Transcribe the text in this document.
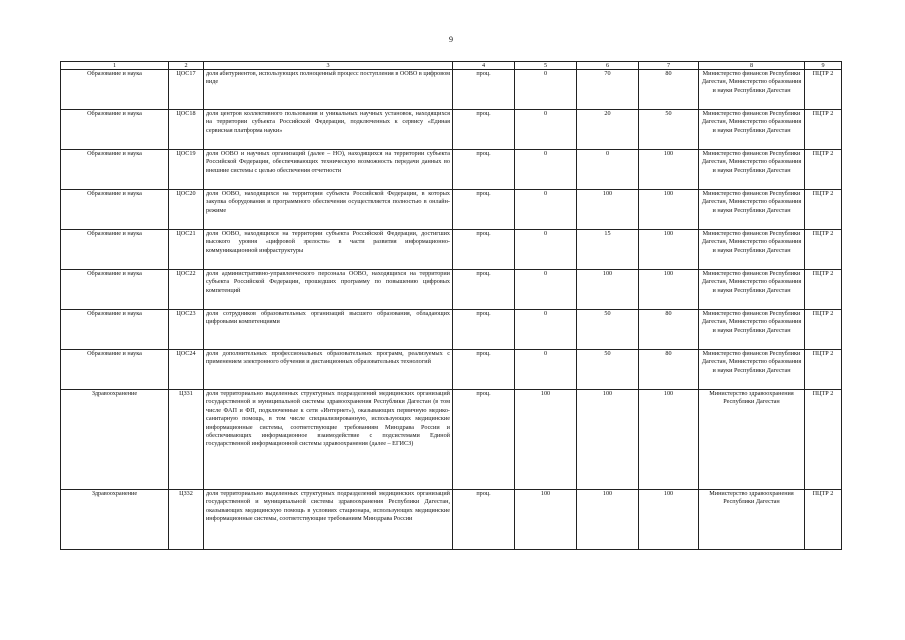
9
1	2	3	4	5	6	7	8	9
Образование и наука	ЦОС17	доля абитуриентов, использующих полноценный процесс поступления в ООВО в цифровом виде	проц.	0	70	80	Министерство финансов Республики Дагестан, Министерство образования и науки Республики Дагестан	ПЦТР 2
Образование и наука	ЦОС18	доля центров коллективного пользования и уникальных научных установок, находящихся на территории субъекта Российской Федерации, подключенных к сервису «Единая сервисная платформа науки»	проц.	0	20	50	Министерство финансов Республики Дагестан, Министерство образования и науки Республики Дагестан	ПЦТР 2
Образование и наука	ЦОС19	доля ООВО и научных организаций (далее – НО), находящихся на территории субъекта Российской Федерации, обеспечивающих техническую возможность передачи данных во внешние системы с целью обеспечения отчетности	проц.	0	0	100	Министерство финансов Республики Дагестан, Министерство образования и науки Республики Дагестан	ПЦТР 2
Образование и наука	ЦОС20	доля ООВО, находящихся на территории субъекта Российской Федерации, в которых закупка оборудования и программного обеспечения осуществляется полностью в онлайн-режиме	проц.	0	100	100	Министерство финансов Республики Дагестан, Министерство образования и науки Республики Дагестан	ПЦТР 2
Образование и наука	ЦОС21	доля ООВО, находящихся на территории субъекта Российской Федерации, достигших высокого уровня «цифровой зрелости» в части развития информационно-коммуникационной инфраструктуры	проц.	0	15	100	Министерство финансов Республики Дагестан, Министерство образования и науки Республики Дагестан	ПЦТР 2
Образование и наука	ЦОС22	доля административно-управленческого персонала ООВО, находящихся на территории субъекта Российской Федерации, прошедших программу по повышению цифровых компетенций	проц.	0	100	100	Министерство финансов Республики Дагестан, Министерство образования и науки Республики Дагестан	ПЦТР 2
Образование и наука	ЦОС23	доля сотрудников образовательных организаций высшего образования, обладающих цифровыми компетенциями	проц.	0	50	80	Министерство финансов Республики Дагестан, Министерство образования и науки Республики Дагестан	ПЦТР 2
Образование и наука	ЦОС24	доля дополнительных профессиональных образовательных программ, реализуемых с применением электронного обучения и дистанционных образовательных технологий	проц.	0	50	80	Министерство финансов Республики Дагестан, Министерство образования и науки Республики Дагестан	ПЦТР 2
Здравоохранение	ЦЗ31	доля территориально выделенных структурных подразделений медицинских организаций государственной и муниципальной системы здравоохранения Республики Дагестан (в том числе ФАП и ФП, подключенные к сети «Интернет»), оказывающих первичную медико-санитарную помощь, в том числе специализированную, использующих медицинские информационные системы, соответствующие требованиям Минздрава России и обеспечивающих информационное взаимодействие с подсистемами Единой государственной информационной системы здравоохранения (далее – ЕГИСЗ)	проц.	100	100	100	Министерство здравоохранения Республики Дагестан	ПЦТР 2
Здравоохранение	ЦЗ32	доля территориально выделенных структурных подразделений медицинских организаций государственной и муниципальной системы здравоохранения Республики Дагестан, оказывающих медицинскую помощь в условиях стационара, использующих медицинские информационные системы, соответствующие требованиям Минздрава России	проц.	100	100	100	Министерство здравоохранения Республики Дагестан	ПЦТР 2
